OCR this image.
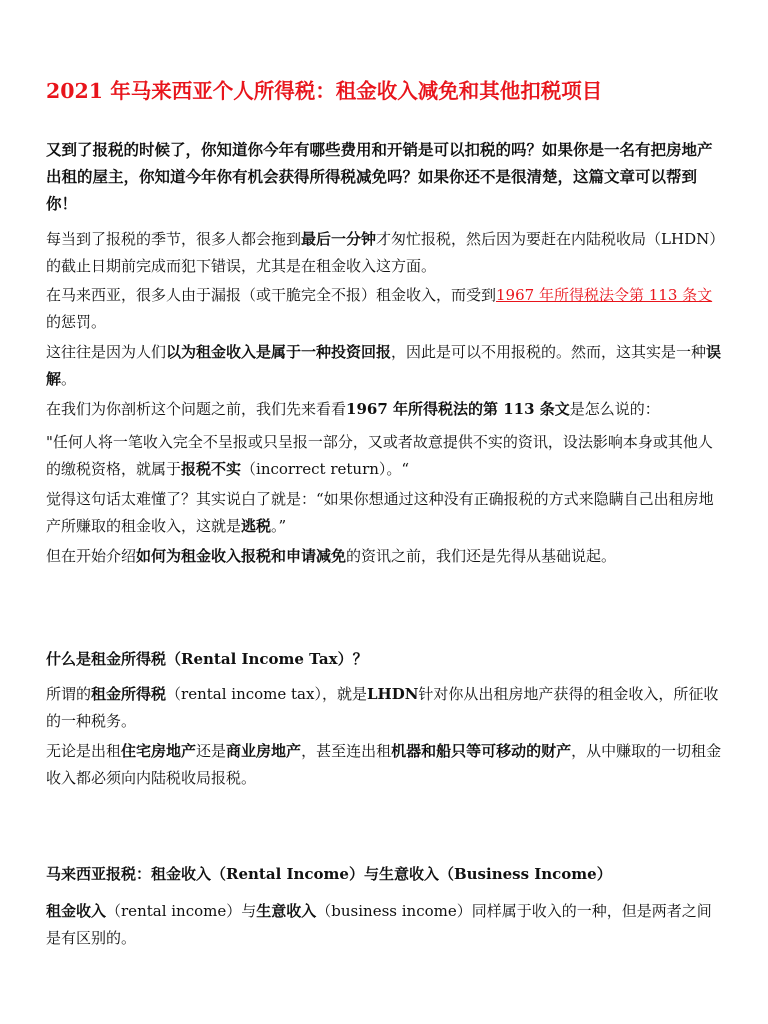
2021 年马来西亚个人所得税：租金收入减免和其他扣税项目
又到了报税的时候了，你知道你今年有哪些费用和开销是可以扣税的吗？如果你是一名有把房地产出租的屋主，你知道今年你有机会获得所得税减免吗？如果你还不是很清楚，这篇文章可以帮到你！
每当到了报税的季节，很多人都会拖到最后一分钟才匆忙报税，然后因为要赶在内陆税收局（LHDN）的截止日期前完成而犯下错误，尤其是在租金收入这方面。
在马来西亚，很多人由于漏报（或干脆完全不报）租金收入，而受到1967 年所得税法令第 113 条文的惩罚。
这往往是因为人们以为租金收入是属于一种投资回报，因此是可以不用报税的。然而，这其实是一种误解。
在我们为你剖析这个问题之前，我们先来看看1967 年所得税法的第 113 条文是怎么说的：
"任何人将一笔收入完全不呈报或只呈报一部分，又或者故意提供不实的资讯，设法影响本身或其他人的缴税资格，就属于报税不实（incorrect return）。“
觉得这句话太难懂了？其实说白了就是：“如果你想通过这种没有正确报税的方式来隐瞒自己出租房地产所赚取的租金收入，这就是逃税。”
但在开始介绍如何为租金收入报税和申请减免的资讯之前，我们还是先得从基础说起。
什么是租金所得税（Rental Income Tax）？
所谓的租金所得税（rental income tax），就是LHDN针对你从出租房地产获得的租金收入，所征收的一种税务。
无论是出租住宅房地产还是商业房地产，甚至连出租机器和船只等可移动的财产，从中赚取的一切租金收入都必须向内陆税收局报税。
马来西亚报税：租金收入（Rental Income）与生意收入（Business Income）
租金收入（rental income）与生意收入（business income）同样属于收入的一种，但是两者之间是有区别的。
